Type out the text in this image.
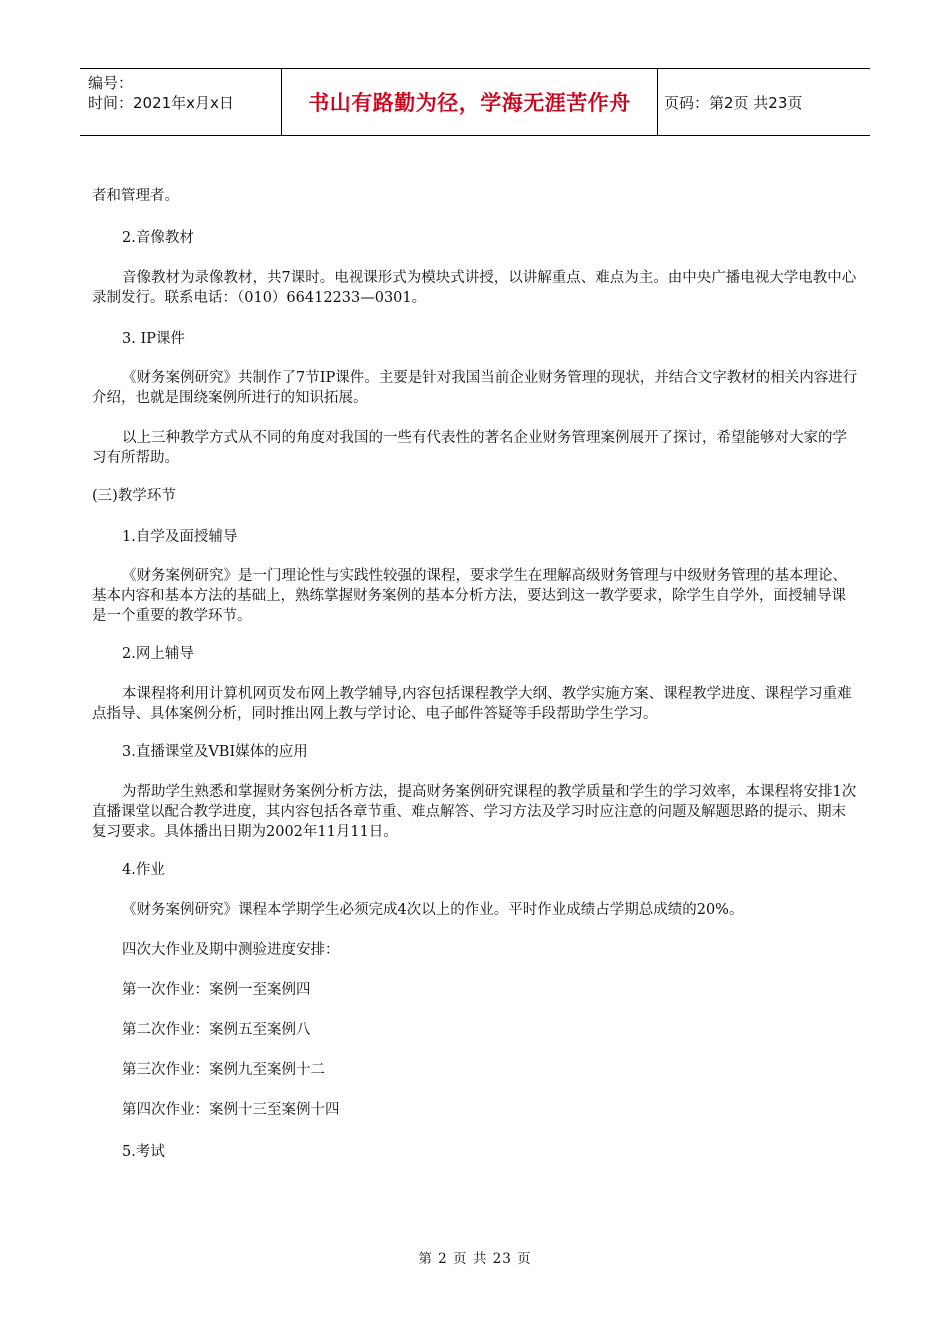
编号：
时间：2021年x月x日	书山有路勤为径，学海无涯苦作舟	页码：第2页 共23页

者和管理者。

2.音像教材

音像教材为录像教材，共7课时。电视课形式为模块式讲授，以讲解重点、难点为主。由中央广播电视大学电教中心录制发行。联系电话：（010）66412233—0301。

3. IP课件

《财务案例研究》共制作了7节IP课件。主要是针对我国当前企业财务管理的现状，并结合文字教材的相关内容进行介绍，也就是围绕案例所进行的知识拓展。

以上三种教学方式从不同的角度对我国的一些有代表性的著名企业财务管理案例展开了探讨，希望能够对大家的学习有所帮助。

(三)教学环节

1.自学及面授辅导

《财务案例研究》是一门理论性与实践性较强的课程，要求学生在理解高级财务管理与中级财务管理的基本理论、基本内容和基本方法的基础上，熟练掌握财务案例的基本分析方法，要达到这一教学要求，除学生自学外，面授辅导课是一个重要的教学环节。

2.网上辅导

本课程将利用计算机网页发布网上教学辅导,内容包括课程教学大纲、教学实施方案、课程教学进度、课程学习重难点指导、具体案例分析，同时推出网上教与学讨论、电子邮件答疑等手段帮助学生学习。

3.直播课堂及VBI媒体的应用

为帮助学生熟悉和掌握财务案例分析方法，提高财务案例研究课程的教学质量和学生的学习效率，本课程将安排1次直播课堂以配合教学进度，其内容包括各章节重、难点解答、学习方法及学习时应注意的问题及解题思路的提示、期末复习要求。具体播出日期为2002年11月11日。

4.作业

《财务案例研究》课程本学期学生必须完成4次以上的作业。平时作业成绩占学期总成绩的20%。

四次大作业及期中测验进度安排：

第一次作业：案例一至案例四

第二次作业：案例五至案例八

第三次作业：案例九至案例十二

第四次作业：案例十三至案例十四

5.考试

第 2 页 共 23 页
